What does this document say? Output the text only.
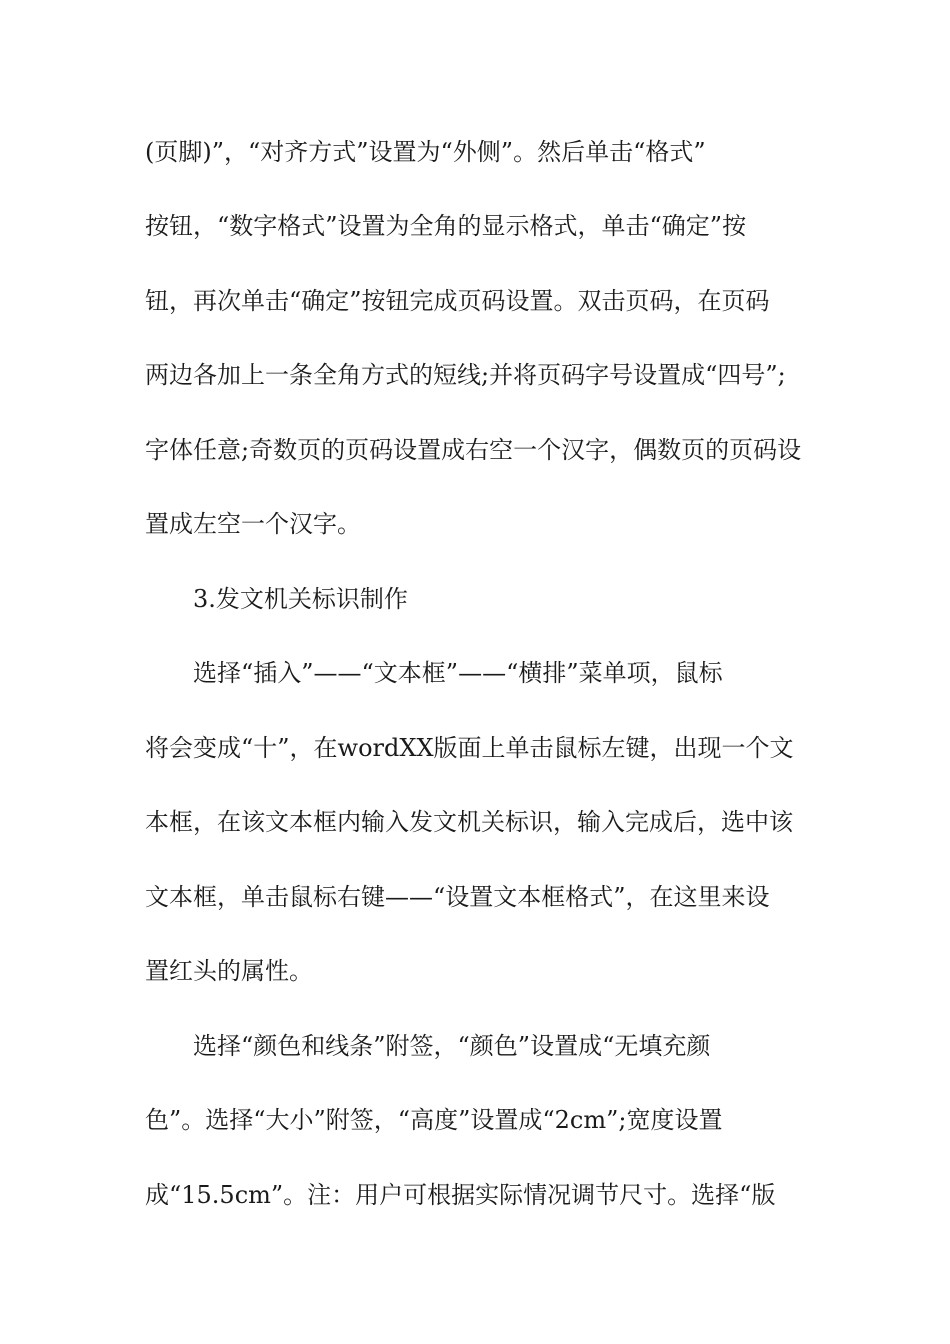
(页脚)”，“对齐方式”设置为“外侧”。然后单击“格式”
按钮，“数字格式”设置为全角的显示格式，单击“确定”按
钮，再次单击“确定”按钮完成页码设置。双击页码，在页码
两边各加上一条全角方式的短线;并将页码字号设置成“四号”;
字体任意;奇数页的页码设置成右空一个汉字，偶数页的页码设
置成左空一个汉字。
3.发文机关标识制作
选择“插入”——“文本框”——“横排”菜单项，鼠标
将会变成“十”，在wordXX版面上单击鼠标左键，出现一个文
本框，在该文本框内输入发文机关标识，输入完成后，选中该
文本框，单击鼠标右键——“设置文本框格式”，在这里来设
置红头的属性。
选择“颜色和线条”附签，“颜色”设置成“无填充颜
色”。选择“大小”附签，“高度”设置成“2cm”;宽度设置
成“15.5cm”。注：用户可根据实际情况调节尺寸。选择“版
